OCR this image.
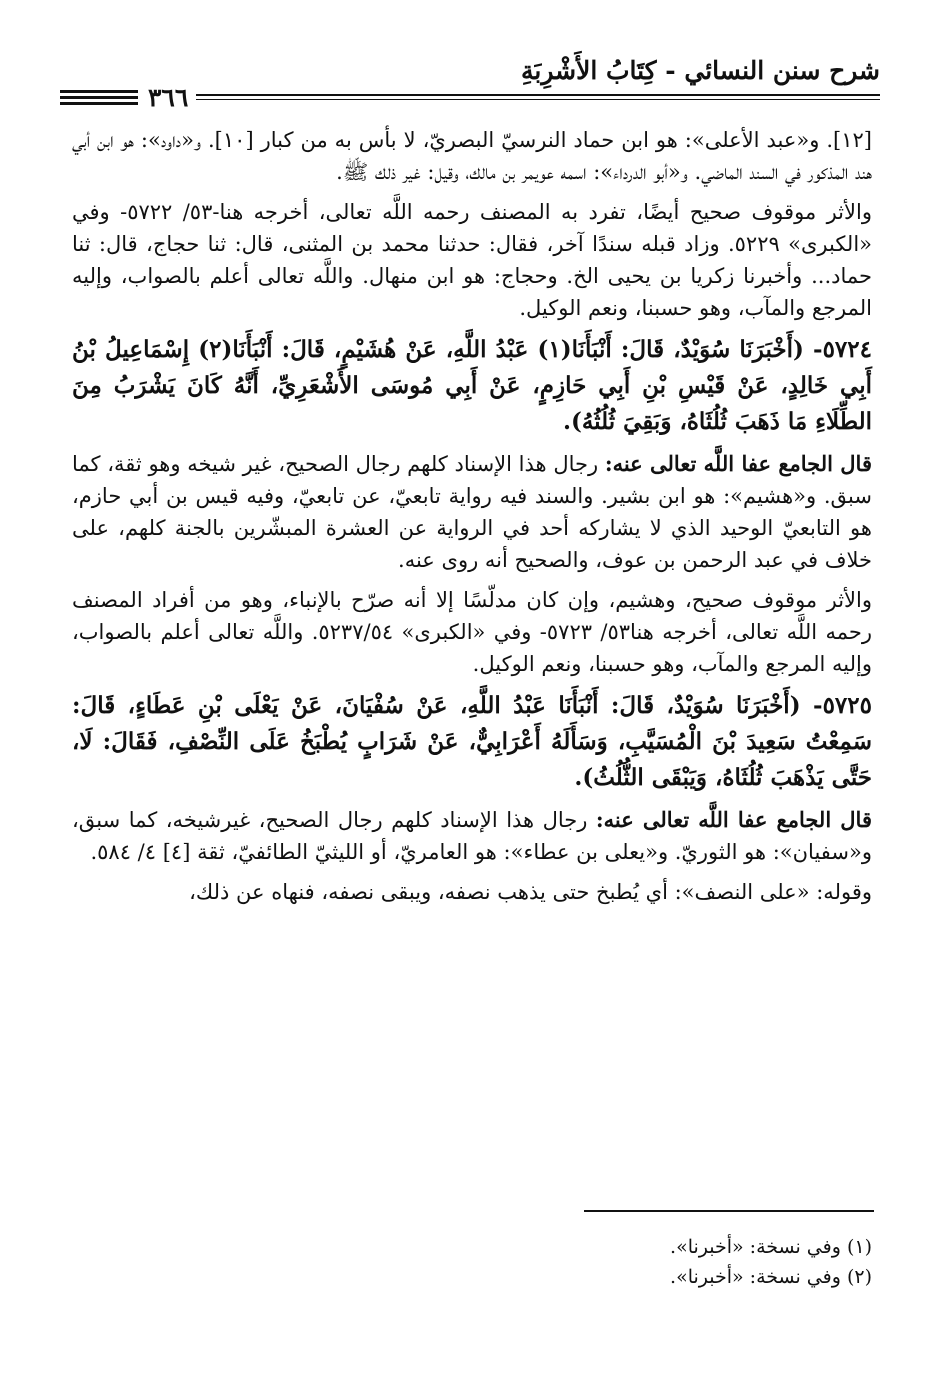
شرح سنن النسائي - كِتَابُ الأَشْرِبَةِ
٣٦٦

[١٢]. و«عبد الأعلى»: هو ابن حماد النرسيّ البصريّ، لا بأس به من كبار [١٠]. و«داود»: هو ابن أبي هند المذكور في السند الماضي. و«أبو الدرداء»: اسمه عويمر بن مالك، وقيل: غير ذلك ﷺ.

والأثر موقوف صحيح أيضًا، تفرد به المصنف رحمه اللَّه تعالى، أخرجه هنا-٥٣/ ٥٧٢٢- وفي «الكبرى» ٥٢٢٩. وزاد قبله سندًا آخر، فقال: حدثنا محمد بن المثنى، قال: ثنا حجاج، قال: ثنا حماد... وأخبرنا زكريا بن يحيى الخ. وحجاج: هو ابن منهال. واللَّه تعالى أعلم بالصواب، وإليه المرجع والمآب، وهو حسبنا، ونعم الوكيل.

٥٧٢٤- (أَخْبَرَنَا سُوَيْدٌ، قَالَ: أَنْبَأَنَا(١) عَبْدُ اللَّهِ، عَنْ هُشَيْمٍ، قَالَ: أَنْبَأَنَا(٢) إِسْمَاعِيلُ بْنُ أَبِي خَالِدٍ، عَنْ قَيْسِ بْنِ أَبِي حَازِمٍ، عَنْ أَبِي مُوسَى الأَشْعَرِيِّ، أَنَّهُ كَانَ يَشْرَبُ مِنَ الطِّلَاءِ مَا ذَهَبَ ثُلُثَاهُ، وَبَقِيَ ثُلُثُهُ).

قال الجامع عفا اللَّه تعالى عنه: رجال هذا الإسناد كلهم رجال الصحيح، غير شيخه وهو ثقة، كما سبق. و«هشيم»: هو ابن بشير. والسند فيه رواية تابعيّ، عن تابعيّ، وفيه قيس بن أبي حازم، هو التابعيّ الوحيد الذي لا يشاركه أحد في الرواية عن العشرة المبشّرين بالجنة كلهم، على خلاف في عبد الرحمن بن عوف، والصحيح أنه روى عنه.

والأثر موقوف صحيح، وهشيم، وإن كان مدلّسًا إلا أنه صرّح بالإنباء، وهو من أفراد المصنف رحمه اللَّه تعالى، أخرجه هنا٥٣/ ٥٧٢٣- وفي «الكبرى» ٥٢٣٧/٥٤. واللَّه تعالى أعلم بالصواب، وإليه المرجع والمآب، وهو حسبنا، ونعم الوكيل.

٥٧٢٥- (أَخْبَرَنَا سُوَيْدٌ، قَالَ: أَنْبَأَنَا عَبْدُ اللَّهِ، عَنْ سُفْيَانَ، عَنْ يَعْلَى بْنِ عَطَاءٍ، قَالَ: سَمِعْتُ سَعِيدَ بْنَ الْمُسَيَّبِ، وَسَأَلَهُ أَعْرَابِيٌّ، عَنْ شَرَابٍ يُطْبَخُ عَلَى النِّصْفِ، فَقَالَ: لَا، حَتَّى يَذْهَبَ ثُلُثَاهُ، وَيَبْقَى الثُّلُثُ).

قال الجامع عفا اللَّه تعالى عنه: رجال هذا الإسناد كلهم رجال الصحيح، غيرشيخه، كما سبق، و«سفيان»: هو الثوريّ. و«يعلى بن عطاء»: هو العامريّ، أو الليثيّ الطائفيّ، ثقة [٤] ٤/ ٥٨٤.

وقوله: «على النصف»: أي يُطبخ حتى يذهب نصفه، ويبقى نصفه، فنهاه عن ذلك،

(١) وفي نسخة: «أخبرنا».
(٢) وفي نسخة: «أخبرنا».
